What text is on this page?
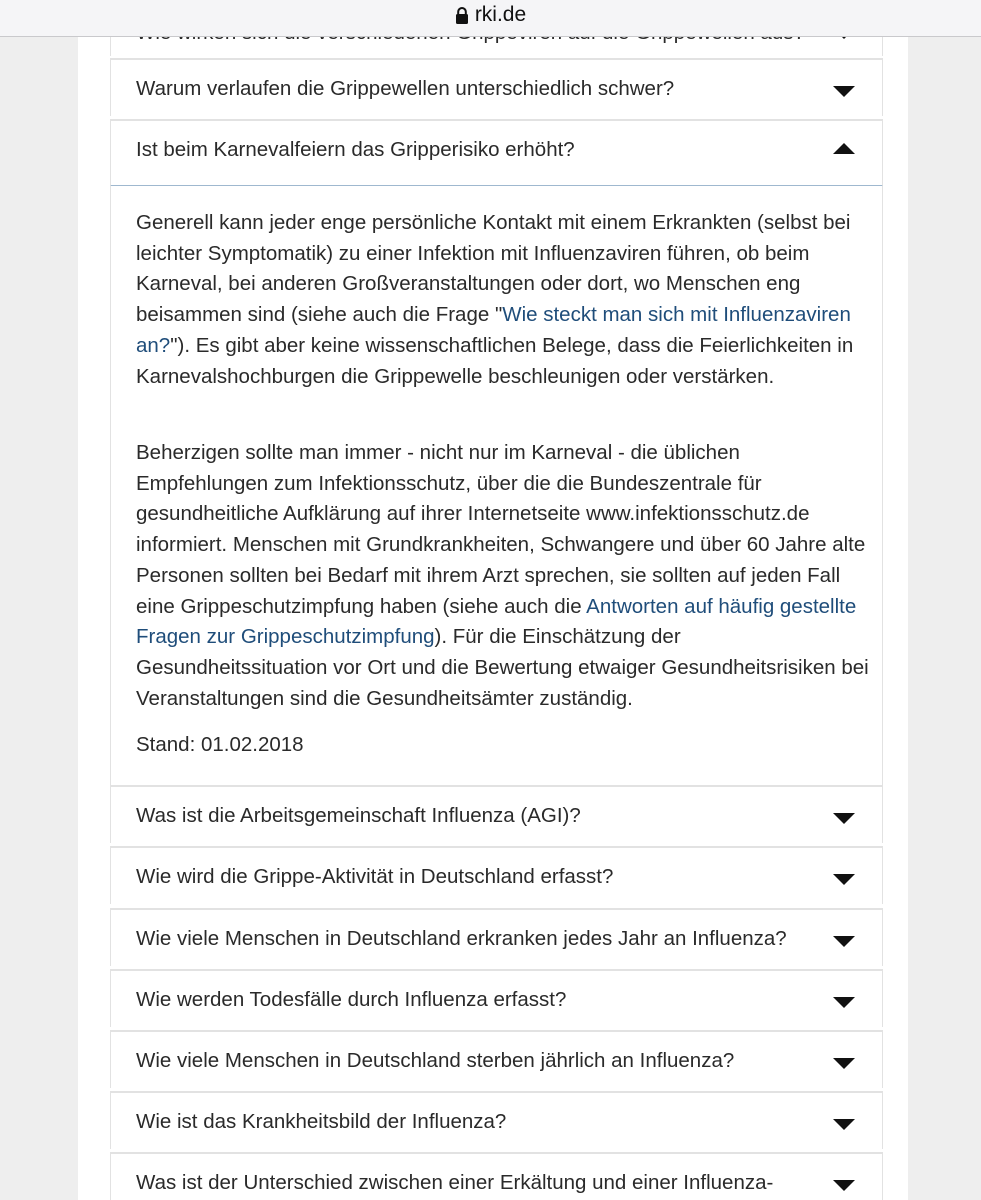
rki.de
Warum verlaufen die Grippewellen unterschiedlich schwer?
Ist beim Karnevalfeiern das Gripperisiko erhöht?

Generell kann jeder enge persönliche Kontakt mit einem Erkrankten (selbst bei leichter Symptomatik) zu einer Infektion mit Influenzaviren führen, ob beim Karneval, bei anderen Großveranstaltungen oder dort, wo Menschen eng beisammen sind (siehe auch die Frage "Wie steckt man sich mit Influenzaviren an?"). Es gibt aber keine wissenschaftlichen Belege, dass die Feierlichkeiten in Karnevalshochburgen die Grippewelle beschleunigen oder verstärken.

Beherzigen sollte man immer - nicht nur im Karneval - die üblichen Empfehlungen zum Infektionsschutz, über die die Bundeszentrale für gesundheitliche Aufklärung auf ihrer Internetseite www.infektionsschutz.de informiert. Menschen mit Grundkrankheiten, Schwangere und über 60 Jahre alte Personen sollten bei Bedarf mit ihrem Arzt sprechen, sie sollten auf jeden Fall eine Grippeschutzimpfung haben (siehe auch die Antworten auf häufig gestellte Fragen zur Grippeschutzimpfung). Für die Einschätzung der Gesundheitssituation vor Ort und die Bewertung etwaiger Gesundheitsrisiken bei Veranstaltungen sind die Gesundheitsämter zuständig.

Stand: 01.02.2018

Was ist die Arbeitsgemeinschaft Influenza (AGI)?
Wie wird die Grippe-Aktivität in Deutschland erfasst?
Wie viele Menschen in Deutschland erkranken jedes Jahr an Influenza?
Wie werden Todesfälle durch Influenza erfasst?
Wie viele Menschen in Deutschland sterben jährlich an Influenza?
Wie ist das Krankheitsbild der Influenza?
Was ist der Unterschied zwischen einer Erkältung und einer Influenza-
